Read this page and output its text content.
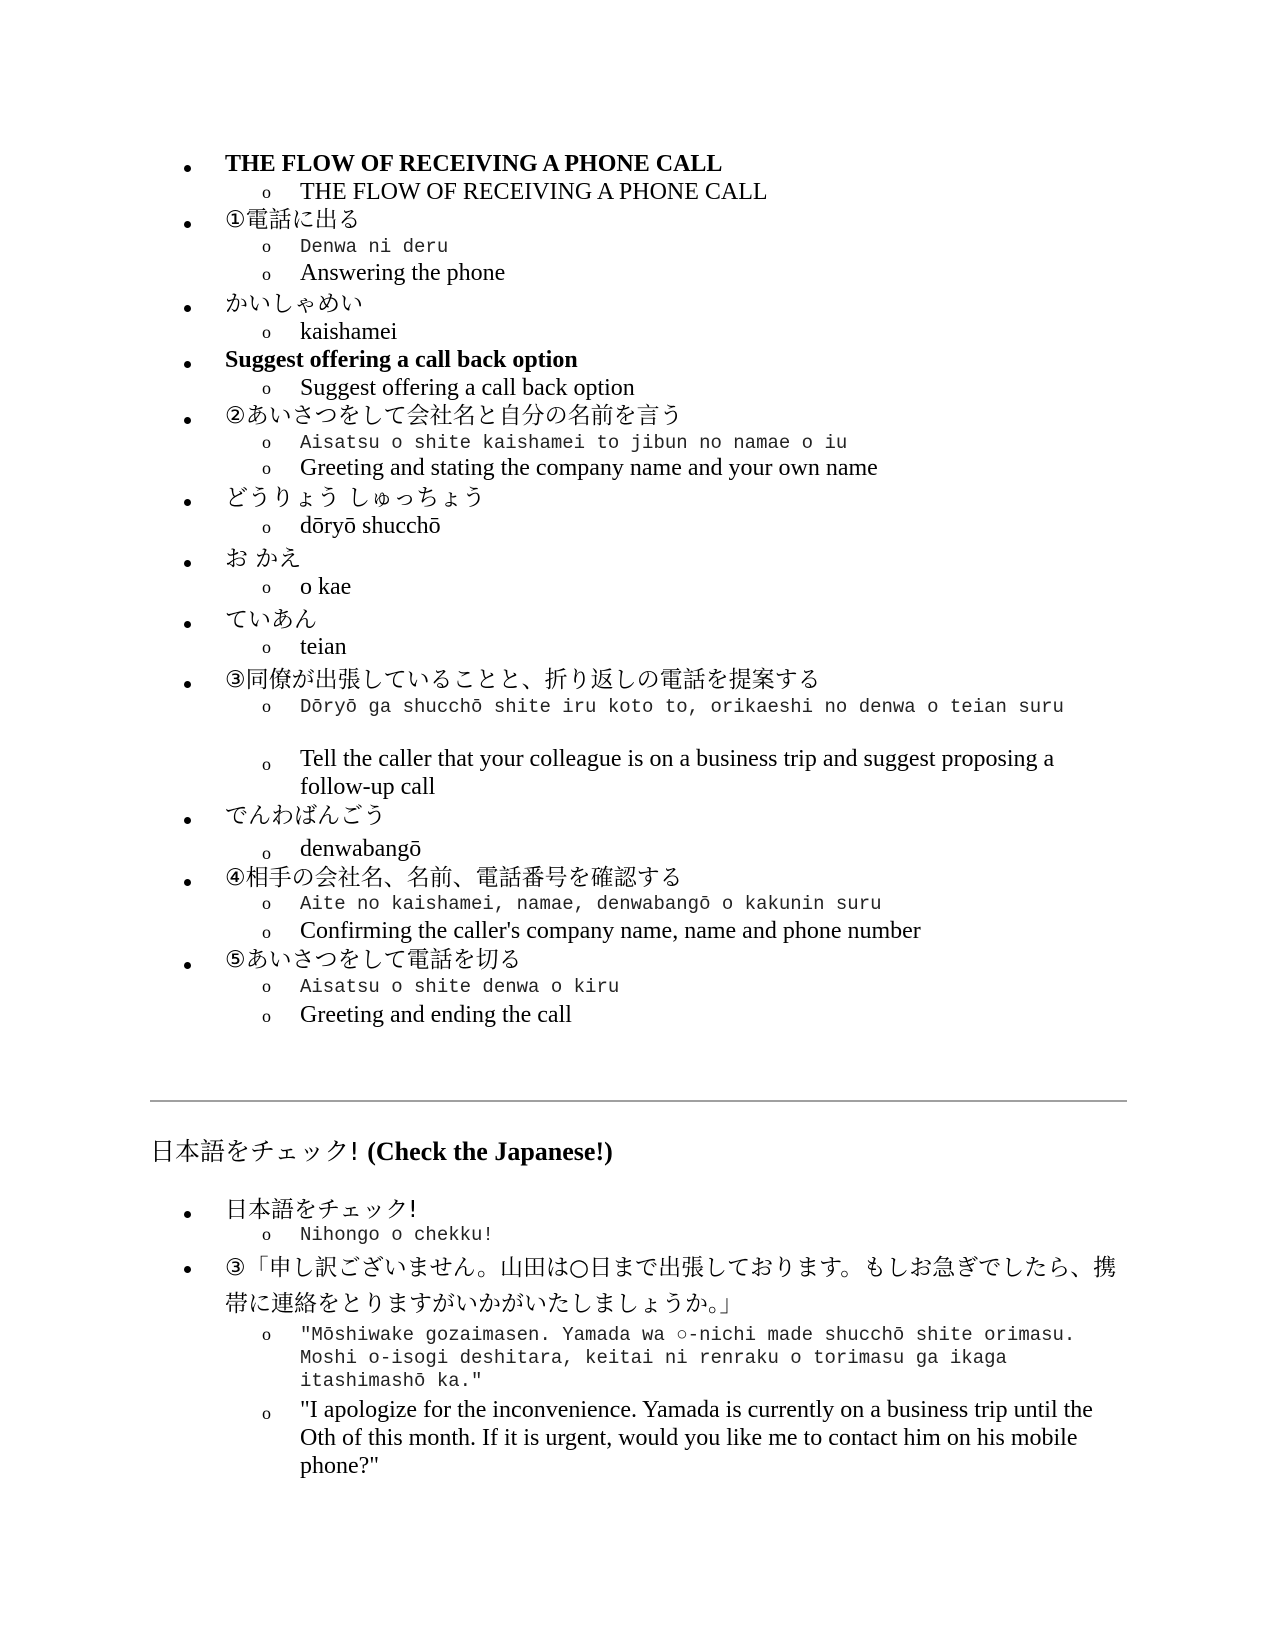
THE FLOW OF RECEIVING A PHONE CALL
o THE FLOW OF RECEIVING A PHONE CALL
①電話に出る
o Denwa ni deru
o Answering the phone
かいしゃめい
o kaishamei
Suggest offering a call back option
o Suggest offering a call back option
②あいさつをして会社名と自分の名前を言う
o Aisatsu o shite kaishamei to jibun no namae o iu
o Greeting and stating the company name and your own name
どうりょう しゅっちょう
o dōryō shucchō
お かえ
o o kae
ていあん
o teian
③同僚が出張していることと、折り返しの電話を提案する
o Dōryō ga shucchō shite iru koto to, orikaeshi no denwa o teian suru
o Tell the caller that your colleague is on a business trip and suggest proposing a follow-up call
でんわばんごう
o denwabangō
④相手の会社名、名前、電話番号を確認する
o Aite no kaishamei, namae, denwabangō o kakunin suru
o Confirming the caller's company name, name and phone number
⑤あいさつをして電話を切る
o Aisatsu o shite denwa o kiru
o Greeting and ending the call
日本語をチェック! (Check the Japanese!)
日本語をチェック!
o Nihongo o chekku!
③「申し訳ございません。山田は○日まで出張しております。もしお急ぎでしたら、携帯に連絡をとりますがいかがいたしましょうか。」
o "Mōshiwake gozaimasen. Yamada wa ○-nichi made shucchō shite orimasu. Moshi o-isogi deshitara, keitai ni renraku o torimasu ga ikaga itashimashō ka."
o "I apologize for the inconvenience. Yamada is currently on a business trip until the Oth of this month. If it is urgent, would you like me to contact him on his mobile phone?"
